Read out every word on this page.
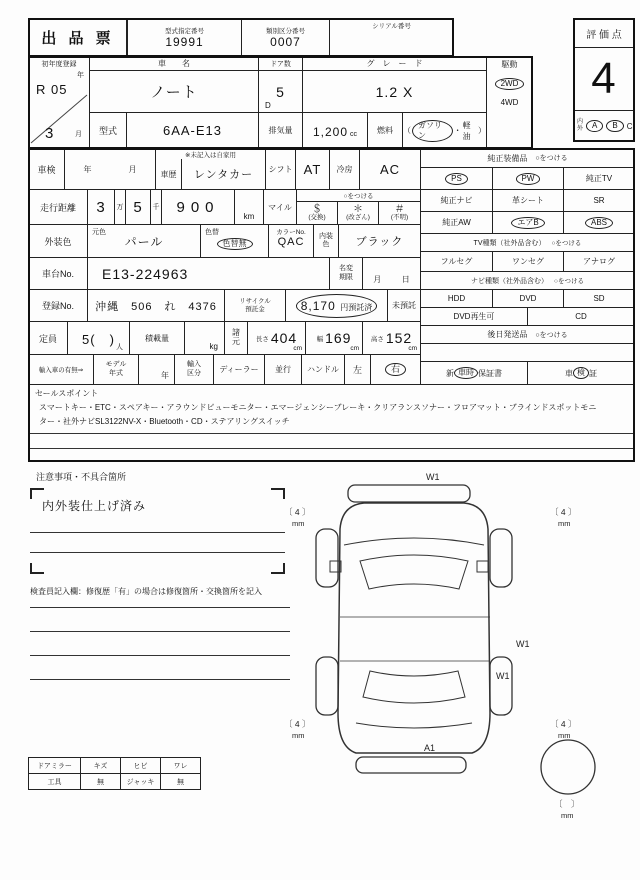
出 品 票	型式指定番号
19991
類別区分番号
0007
シリアル番号
評 価 点
4
内
外	A	B	C
初年度登録
年
R 05
3	月
車　　名
ノート
ドア数
5
D
グ　レ　ー　ド
1.2 X
駆動
2WD
4WD
型式	6AA-E13	排気量 1,200 cc 燃料 （
ガソリン	・
軽油
）
車検	年	月
※未記入は自家用
車歴	レンタカー	シフト AT 冷房 AC
走行距離 3 万 5 千 900
km
マイル
○をつける
＄
(交換)
＊
(改ざん)
＃
(不明)
外装色
元色
パール
色替
色替無
カラーNo.
QAC 内装
色 ブラック
車台No. E13-224963	名変
期限	月	日
登録No. 沖縄　506　れ　4376	リサイクル
預託金	8,170 円預託済	未預託
定員 5(　)
人
積載量
kg
諸
元 長さ 404
cm
幅 169
cm
高さ 152
cm
輸入車の有無⇒
モデル
年式	年
輸入
区分 ディーラー 並行 ハンドル 左	右
純正装備品 ○をつける
PS	PW	純正TV
純正ナビ	革シート	SR
純正AW	エアB	ABS
TV種類（社外品含む） ○をつける
フルセグ	ワンセグ	アナログ
ナビ種類（社外品含む） ○をつける
HDD	DVD	SD
DVD再生可	CD
後日発送品 ○をつける
新 車時 保証書	車 検 証
セールスポイント
スマートキー・ETC・スペアキー・アラウンドビューモニター・エマージェンシーブレーキ・クリアランスソナー・フロアマット・ブラインドスポットモニ
ター・社外ナビSL3122NV-X・Bluetooth・CD・ステアリングスイッチ
注意事項・不具合箇所
内外装仕上げ済み
検査員記入欄：修復歴「有」の場合は修復箇所・交換箇所を記入
ドアミラー	キズ	ヒビ	ワレ
工具	無	ジャッキ	無
W1
〔 4 〕
mm
〔 4 〕
mm
〔 4 〕
mm
〔 4 〕
mm
W1
W1
A1
〔　〕
mm
